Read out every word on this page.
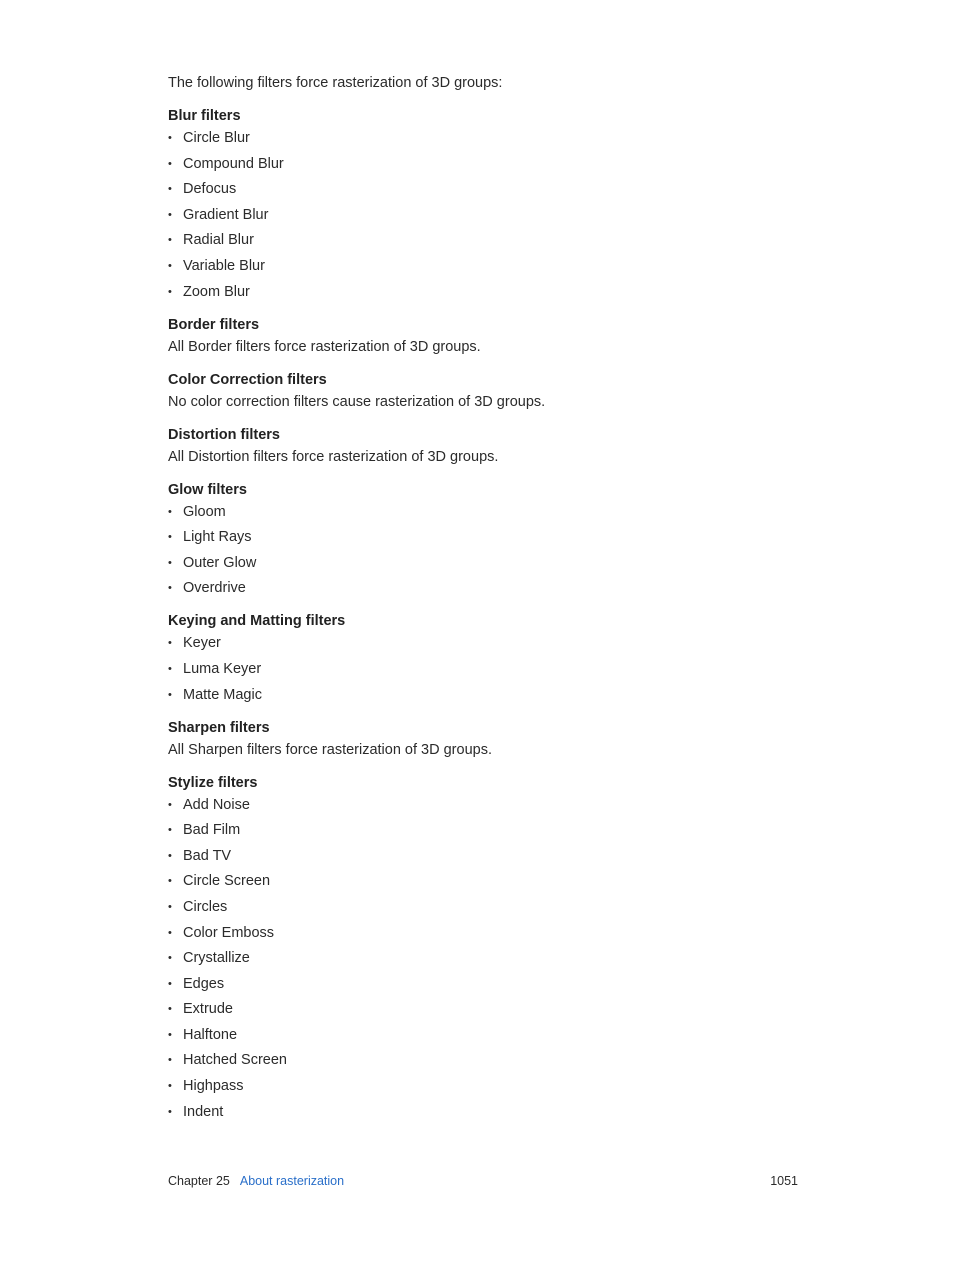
The following filters force rasterization of 3D groups:

Blur filters
• Circle Blur
• Compound Blur
• Defocus
• Gradient Blur
• Radial Blur
• Variable Blur
• Zoom Blur
Border filters

All Border filters force rasterization of 3D groups.

Color Correction filters

No color correction filters cause rasterization of 3D groups.

Distortion filters

All Distortion filters force rasterization of 3D groups.

Glow filters
• Gloom
• Light Rays
• Outer Glow
• Overdrive
Keying and Matting filters
• Keyer
• Luma Keyer
• Matte Magic
Sharpen filters

All Sharpen filters force rasterization of 3D groups.

Stylize filters
• Add Noise
• Bad Film
• Bad TV
• Circle Screen
• Circles
• Color Emboss
• Crystallize
• Edges
• Extrude
• Halftone
• Hatched Screen
• Highpass
• Indent
Chapter 25 About rasterization	1051
